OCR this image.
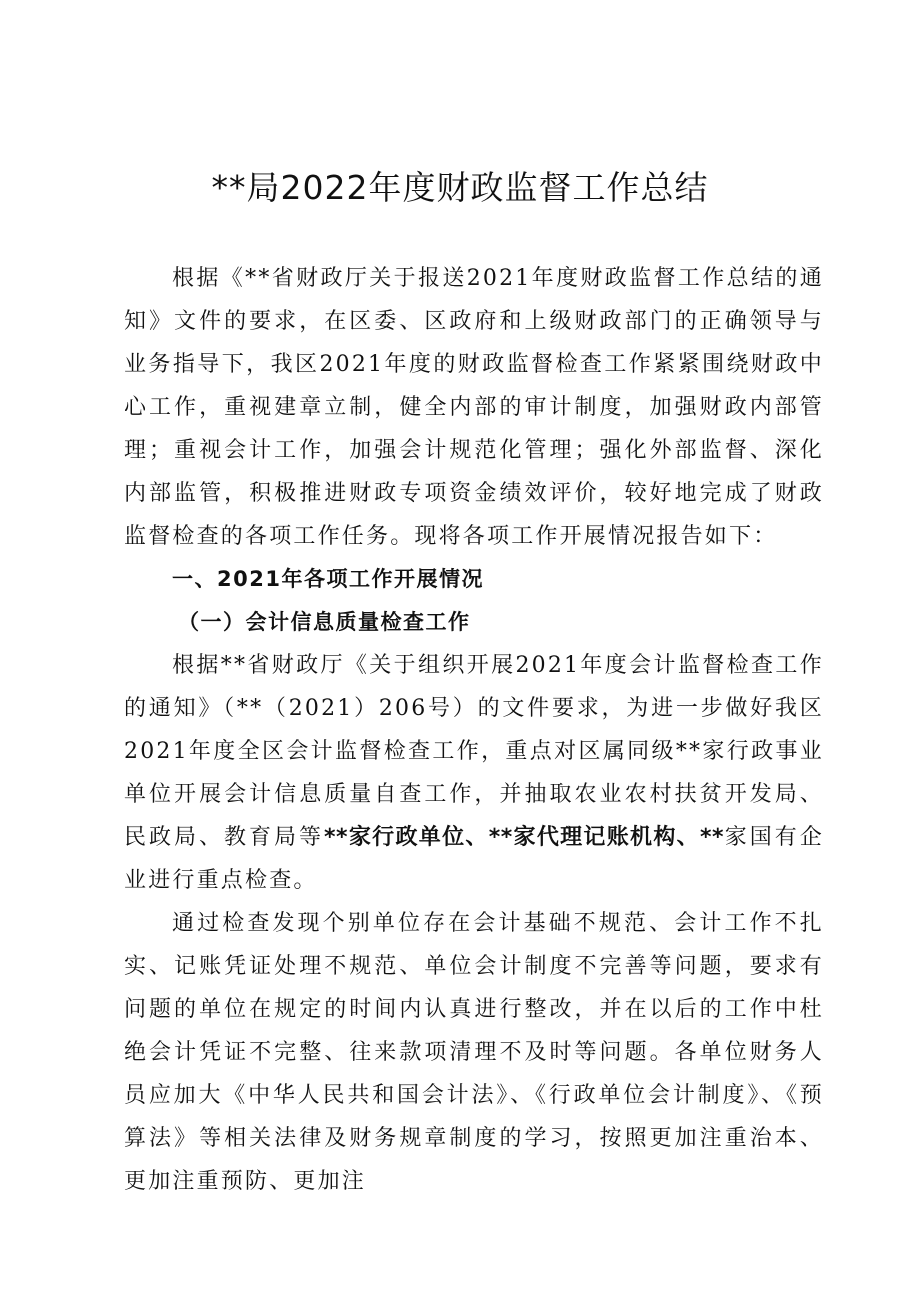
**局2022年度财政监督工作总结

根据《**省财政厅关于报送2021年度财政监督工作总结的通知》文件的要求，在区委、区政府和上级财政部门的正确领导与业务指导下，我区2021年度的财政监督检查工作紧紧围绕财政中心工作，重视建章立制，健全内部的审计制度，加强财政内部管理；重视会计工作，加强会计规范化管理；强化外部监督、深化内部监管，积极推进财政专项资金绩效评价，较好地完成了财政监督检查的各项工作任务。现将各项工作开展情况报告如下：

一、2021年各项工作开展情况
（一）会计信息质量检查工作

根据**省财政厅《关于组织开展2021年度会计监督检查工作的通知》（**（2021）206号）的文件要求，为进一步做好我区2021年度全区会计监督检查工作，重点对区属同级**家行政事业单位开展会计信息质量自查工作，并抽取农业农村扶贫开发局、民政局、教育局等**家行政单位、**家代理记账机构、**家国有企业进行重点检查。

通过检查发现个别单位存在会计基础不规范、会计工作不扎实、记账凭证处理不规范、单位会计制度不完善等问题，要求有问题的单位在规定的时间内认真进行整改，并在以后的工作中杜绝会计凭证不完整、往来款项清理不及时等问题。各单位财务人员应加大《中华人民共和国会计法》、《行政单位会计制度》、《预算法》等相关法律及财务规章制度的学习，按照更加注重治本、更加注重预防、更加注
